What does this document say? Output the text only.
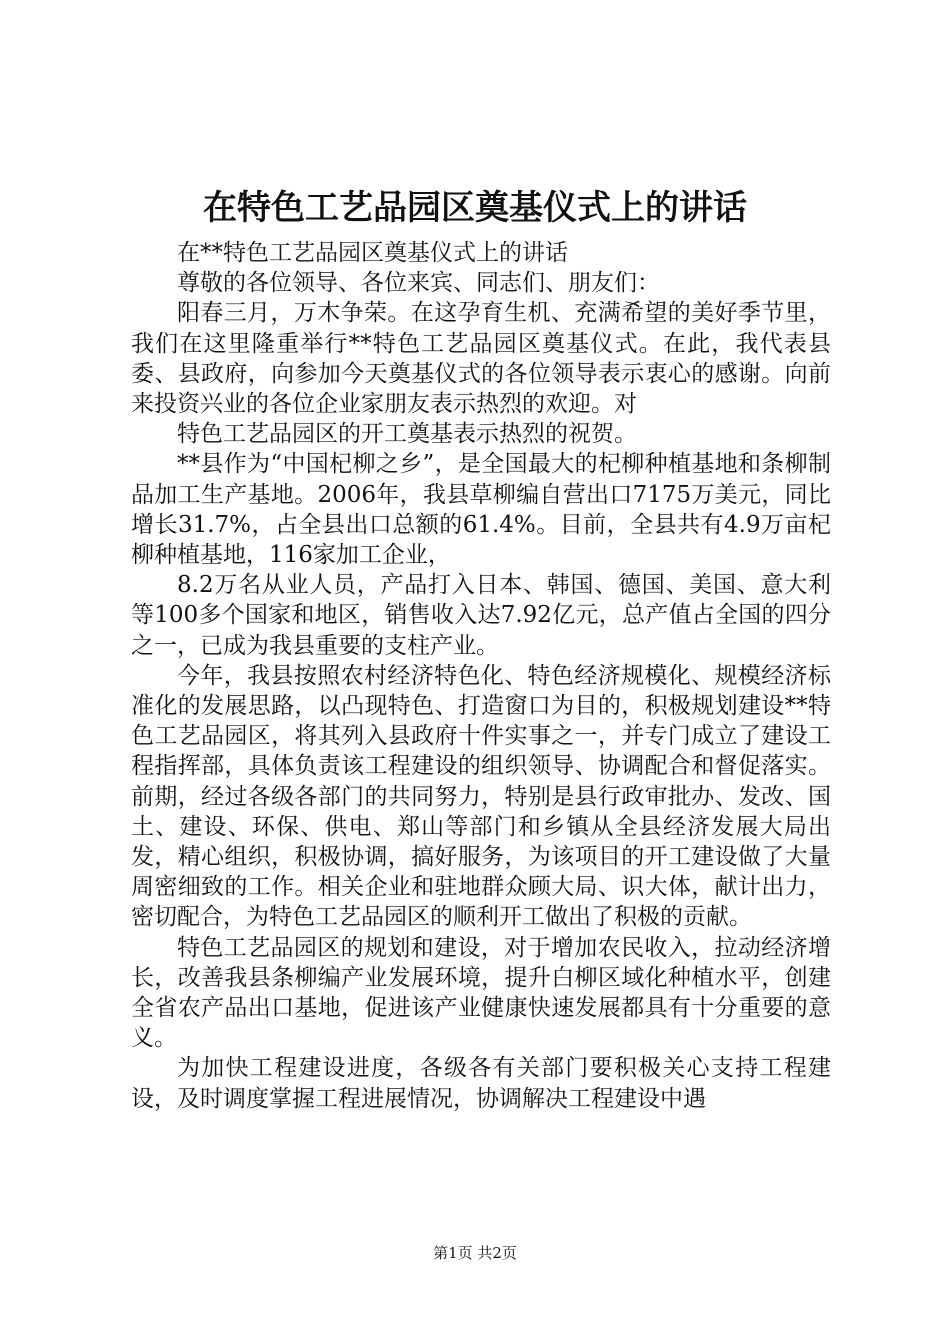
在特色工艺品园区奠基仪式上的讲话

在**特色工艺品园区奠基仪式上的讲话

尊敬的各位领导、各位来宾、同志们、朋友们：

阳春三月，万木争荣。在这孕育生机、充满希望的美好季节里，我们在这里隆重举行**特色工艺品园区奠基仪式。在此，我代表县委、县政府，向参加今天奠基仪式的各位领导表示衷心的感谢。向前来投资兴业的各位企业家朋友表示热烈的欢迎。对

特色工艺品园区的开工奠基表示热烈的祝贺。

**县作为“中国杞柳之乡”，是全国最大的杞柳种植基地和条柳制品加工生产基地。2006年，我县草柳编自营出口7175万美元，同比增长31.7%，占全县出口总额的61.4%。目前，全县共有4.9万亩杞柳种植基地，116家加工企业，

8.2万名从业人员，产品打入日本、韩国、德国、美国、意大利等100多个国家和地区，销售收入达7.92亿元，总产值占全国的四分之一，已成为我县重要的支柱产业。

今年，我县按照农村经济特色化、特色经济规模化、规模经济标准化的发展思路，以凸现特色、打造窗口为目的，积极规划建设**特色工艺品园区，将其列入县政府十件实事之一，并专门成立了建设工程指挥部，具体负责该工程建设的组织领导、协调配合和督促落实。前期，经过各级各部门的共同努力，特别是县行政审批办、发改、国土、建设、环保、供电、郑山等部门和乡镇从全县经济发展大局出发，精心组织，积极协调，搞好服务，为该项目的开工建设做了大量周密细致的工作。相关企业和驻地群众顾大局、识大体，献计出力，密切配合，为特色工艺品园区的顺利开工做出了积极的贡献。

特色工艺品园区的规划和建设，对于增加农民收入，拉动经济增长，改善我县条柳编产业发展环境，提升白柳区域化种植水平，创建全省农产品出口基地，促进该产业健康快速发展都具有十分重要的意义。

为加快工程建设进度，各级各有关部门要积极关心支持工程建设，及时调度掌握工程进展情况，协调解决工程建设中遇

第1页 共2页
